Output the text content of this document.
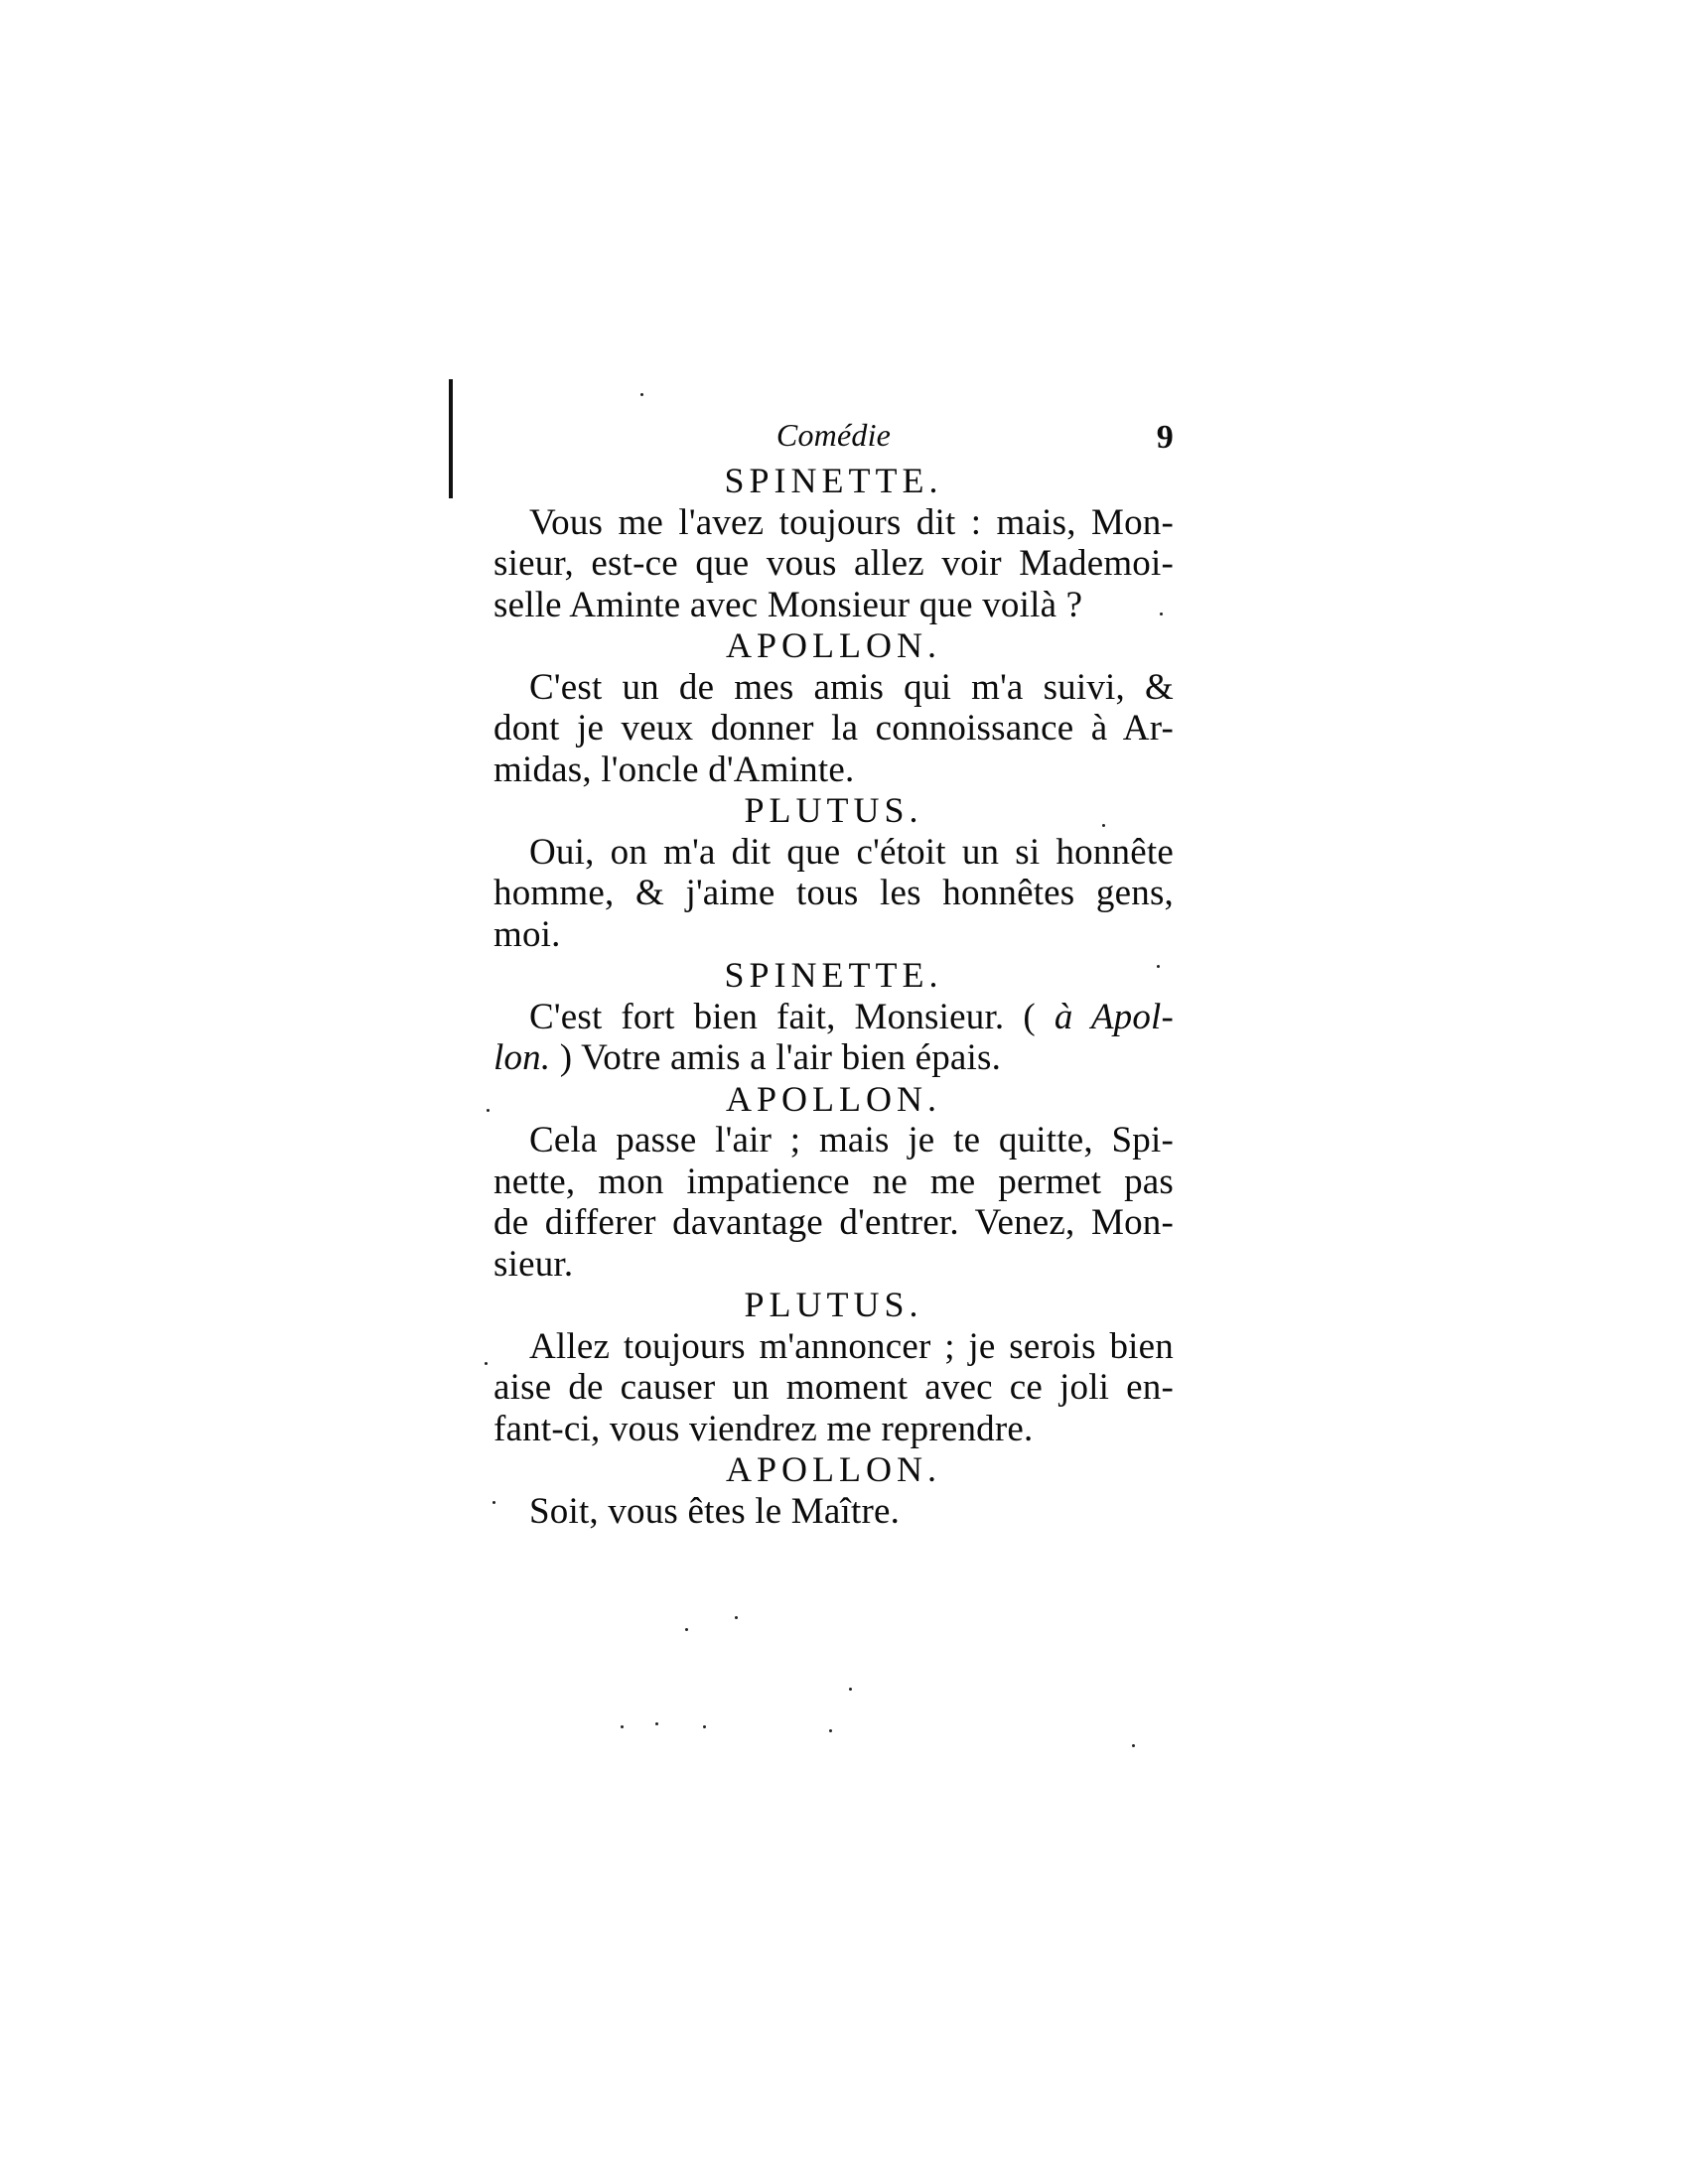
Comédie	9

SPINETTE.

Vous me l'avez toujours dit : mais, Mon-
sieur, est-ce que vous allez voir Mademoi-
selle Aminte avec Monsieur que voilà ?

APOLLON.

C'est un de mes amis qui m'a suivi, &
dont je veux donner la connoissance à Ar-
midas, l'oncle d'Aminte.

PLUTUS.

Oui, on m'a dit que c'étoit un si honnête
homme, & j'aime tous les honnêtes gens,
moi.

SPINETTE.

C'est fort bien fait, Monsieur. ( à Apol-
lon. ) Votre amis a l'air bien épais.

APOLLON.

Cela passe l'air ; mais je te quitte, Spi-
nette, mon impatience ne me permet pas
de differer davantage d'entrer. Venez, Mon-
sieur.

PLUTUS.

Allez toujours m'annoncer ; je serois bien
aise de causer un moment avec ce joli en-
fant-ci, vous viendrez me reprendre.

APOLLON.

Soit, vous êtes le Maître.
